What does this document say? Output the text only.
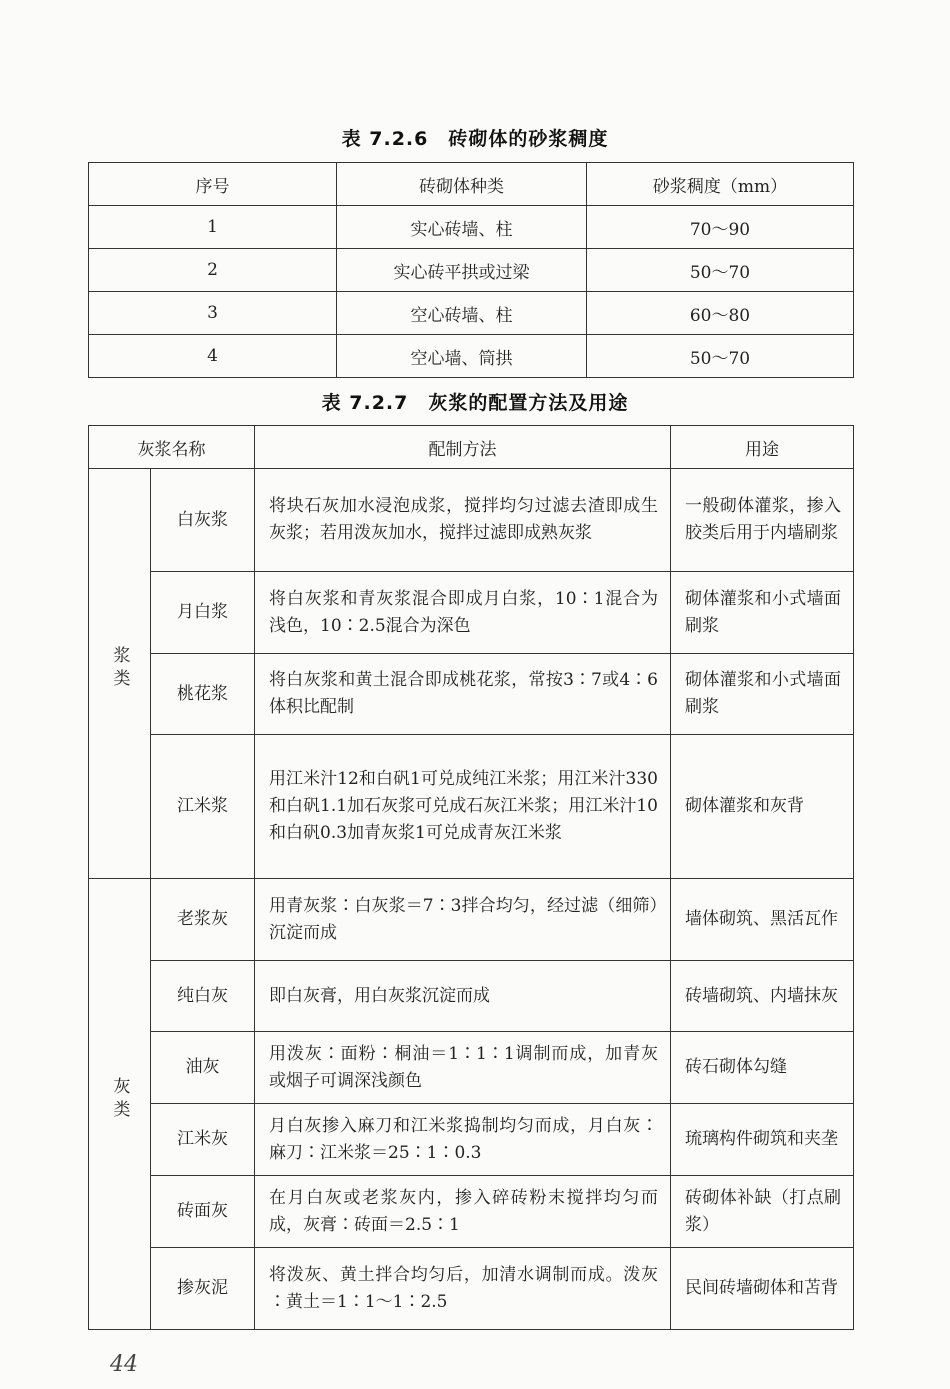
表 7.2.6　砖砌体的砂浆稠度
序号	砖砌体种类	砂浆稠度（mm）
1	实心砖墙、柱	70～90
2	实心砖平拱或过梁	50～70
3	空心砖墙、柱	60～80
4	空心墙、筒拱	50～70
表 7.2.7　灰浆的配置方法及用途
灰浆名称		配制方法	用途
浆类	白灰浆	将块石灰加水浸泡成浆，搅拌均匀过滤去渣即成生灰浆；若用泼灰加水，搅拌过滤即成熟灰浆	一般砌体灌浆，掺入胶类后用于内墙刷浆
	月白浆	将白灰浆和青灰浆混合即成月白浆，10∶1混合为浅色，10∶2.5混合为深色	砌体灌浆和小式墙面刷浆
	桃花浆	将白灰浆和黄土混合即成桃花浆，常按3∶7或4∶6体积比配制	砌体灌浆和小式墙面刷浆
	江米浆	用江米汁12和白矾1可兑成纯江米浆；用江米汁330和白矾1.1加石灰浆可兑成石灰江米浆；用江米汁10和白矾0.3加青灰浆1可兑成青灰江米浆	砌体灌浆和灰背
灰类	老浆灰	用青灰浆∶白灰浆＝7∶3拌合均匀，经过滤（细筛）沉淀而成	墙体砌筑、黑活瓦作
	纯白灰	即白灰膏，用白灰浆沉淀而成	砖墙砌筑、内墙抹灰
	油灰	用泼灰∶面粉∶桐油＝1∶1∶1调制而成，加青灰或烟子可调深浅颜色	砖石砌体勾缝
	江米灰	月白灰掺入麻刀和江米浆捣制均匀而成，月白灰∶麻刀∶江米浆＝25∶1∶0.3	琉璃构件砌筑和夹垄
	砖面灰	在月白灰或老浆灰内，掺入碎砖粉末搅拌均匀而成，灰膏∶砖面＝2.5∶1	砖砌体补缺（打点刷浆）
	掺灰泥	将泼灰、黄土拌合均匀后，加清水调制而成。泼灰∶黄土＝1∶1～1∶2.5	民间砖墙砌体和苫背
44
